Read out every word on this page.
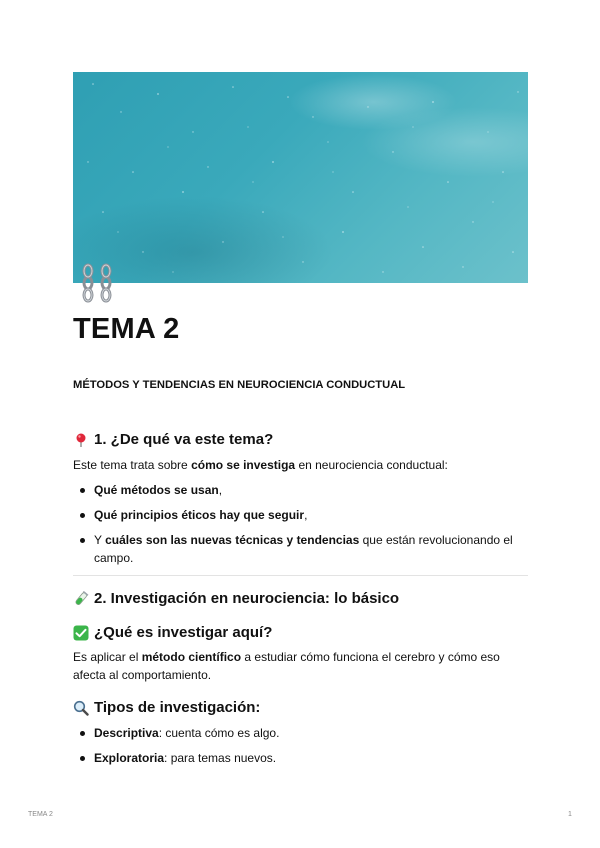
TEMA 2

MÉTODOS Y TENDENCIAS EN NEUROCIENCIA CONDUCTUAL

1. ¿De qué va este tema?

Este tema trata sobre cómo se investiga en neurociencia conductual:

Qué métodos se usan,
Qué principios éticos hay que seguir,
Y cuáles son las nuevas técnicas y tendencias que están revolucionando el campo.
2. Investigación en neurociencia: lo básico
¿Qué es investigar aquí?

Es aplicar el método científico a estudiar cómo funciona el cerebro y cómo eso afecta al comportamiento.

Tipos de investigación:
Descriptiva: cuenta cómo es algo.
Exploratoria: para temas nuevos.
TEMA 2	1
